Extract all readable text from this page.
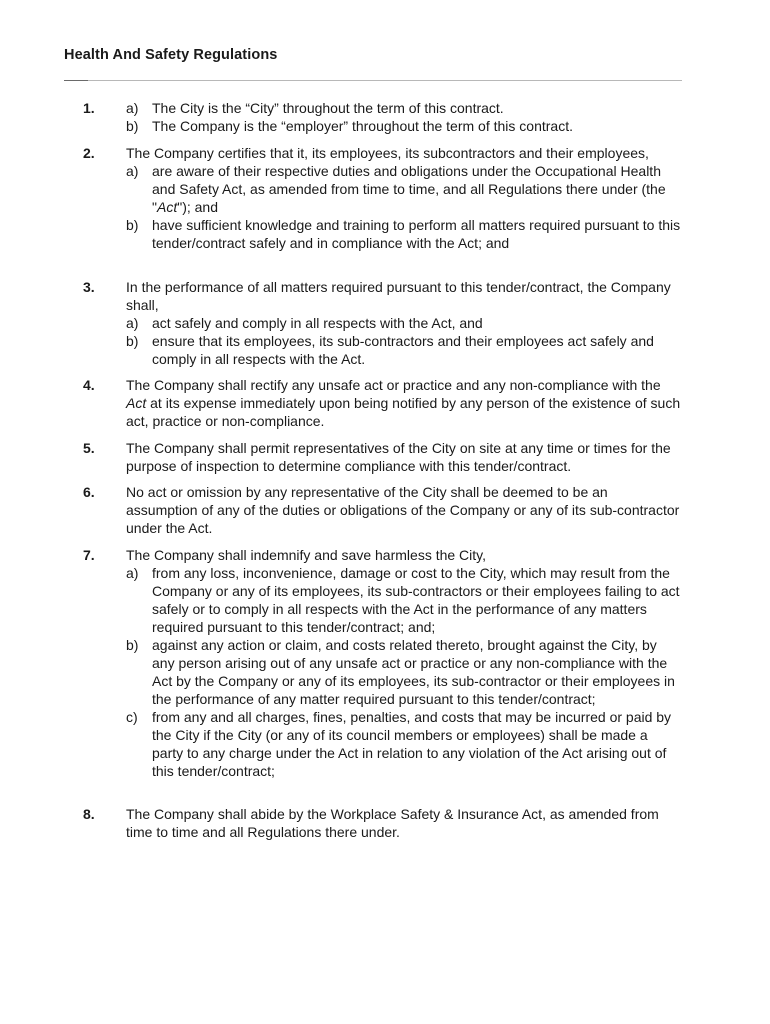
Health And Safety Regulations
1. a) The City is the “City” throughout the term of this contract.
b) The Company is the “employer” throughout the term of this contract.
2. The Company certifies that it, its employees, its subcontractors and their employees,
a) are aware of their respective duties and obligations under the Occupational Health and Safety Act, as amended from time to time, and all Regulations there under (the "Act"); and
b) have sufficient knowledge and training to perform all matters required pursuant to this tender/contract safely and in compliance with the Act; and
3. In the performance of all matters required pursuant to this tender/contract, the Company shall,
a) act safely and comply in all respects with the Act, and
b) ensure that its employees, its sub-contractors and their employees act safely and comply in all respects with the Act.
4. The Company shall rectify any unsafe act or practice and any non-compliance with the Act at its expense immediately upon being notified by any person of the existence of such act, practice or non-compliance.
5. The Company shall permit representatives of the City on site at any time or times for the purpose of inspection to determine compliance with this tender/contract.
6. No act or omission by any representative of the City shall be deemed to be an assumption of any of the duties or obligations of the Company or any of its sub-contractor under the Act.
7. The Company shall indemnify and save harmless the City,
a) from any loss, inconvenience, damage or cost to the City, which may result from the Company or any of its employees, its sub-contractors or their employees failing to act safely or to comply in all respects with the Act in the performance of any matters required pursuant to this tender/contract; and;
b) against any action or claim, and costs related thereto, brought against the City, by any person arising out of any unsafe act or practice or any non-compliance with the Act by the Company or any of its employees, its sub-contractor or their employees in the performance of any matter required pursuant to this tender/contract;
c) from any and all charges, fines, penalties, and costs that may be incurred or paid by the City if the City (or any of its council members or employees) shall be made a party to any charge under the Act in relation to any violation of the Act arising out of this tender/contract;
8. The Company shall abide by the Workplace Safety & Insurance Act, as amended from time to time and all Regulations there under.
